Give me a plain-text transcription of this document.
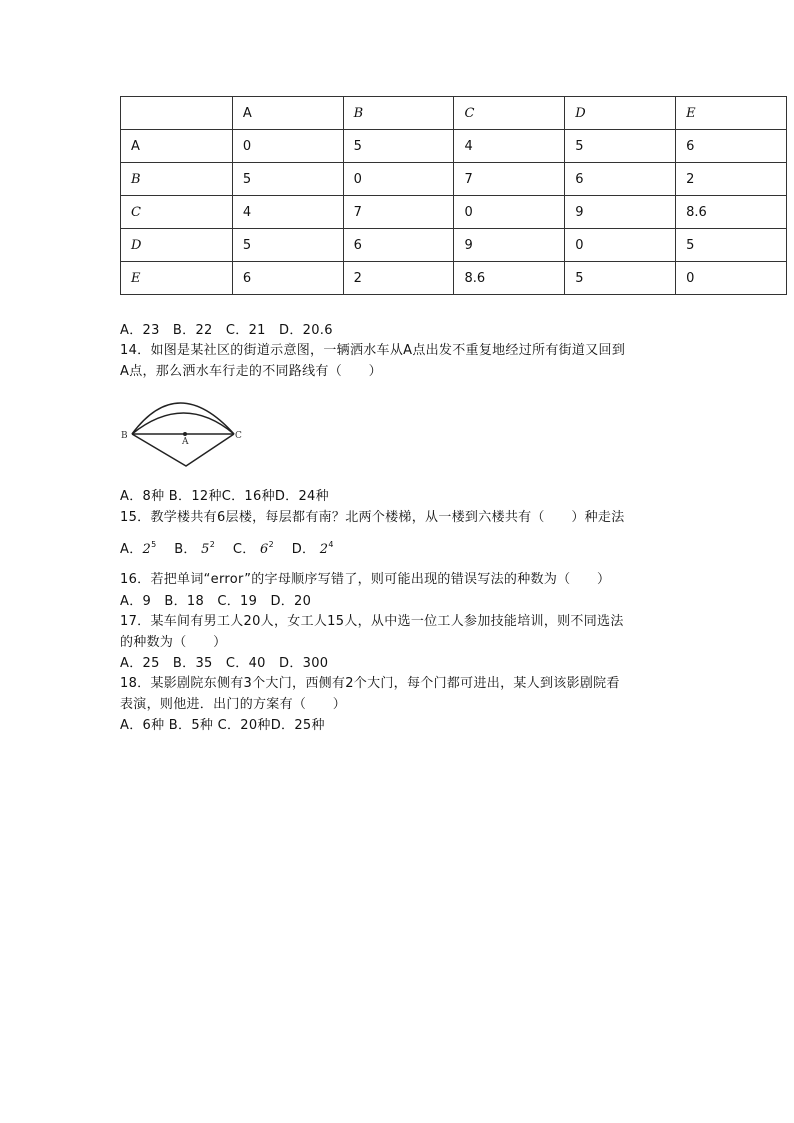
	A	B	C	D	E
A	0	5	4	5	6
B	5	0	7	6	2
C	4	7	0	9	8.6
D	5	6	9	0	5
E	6	2	8.6	5	0
A．23　B．22　C．21　D．20.6
14．如图是某社区的街道示意图，一辆洒水车从A点出发不重复地经过所有街道又回到
A点，那么洒水车行走的不同路线有（　　）
B
A
C
A．8种 B．12种C．16种D．24种
15．教学楼共有6层楼，每层都有南？北两个楼梯，从一楼到六楼共有（　　）种走法
A．$2^5$ B． $5^2$ C． $6^2$ D． $2^4$
16．若把单词“error”的字母顺序写错了，则可能出现的错误写法的种数为（　　）
A．9　B．18　C．19　D．20
17．某车间有男工人20人，女工人15人，从中选一位工人参加技能培训，则不同选法
的种数为（　　）
A．25　B．35　C．40　D．300
18．某影剧院东侧有3个大门，西侧有2个大门，每个门都可进出，某人到该影剧院看
表演，则他进．出门的方案有（　　）
A．6种 B．5种 C．20种D．25种
